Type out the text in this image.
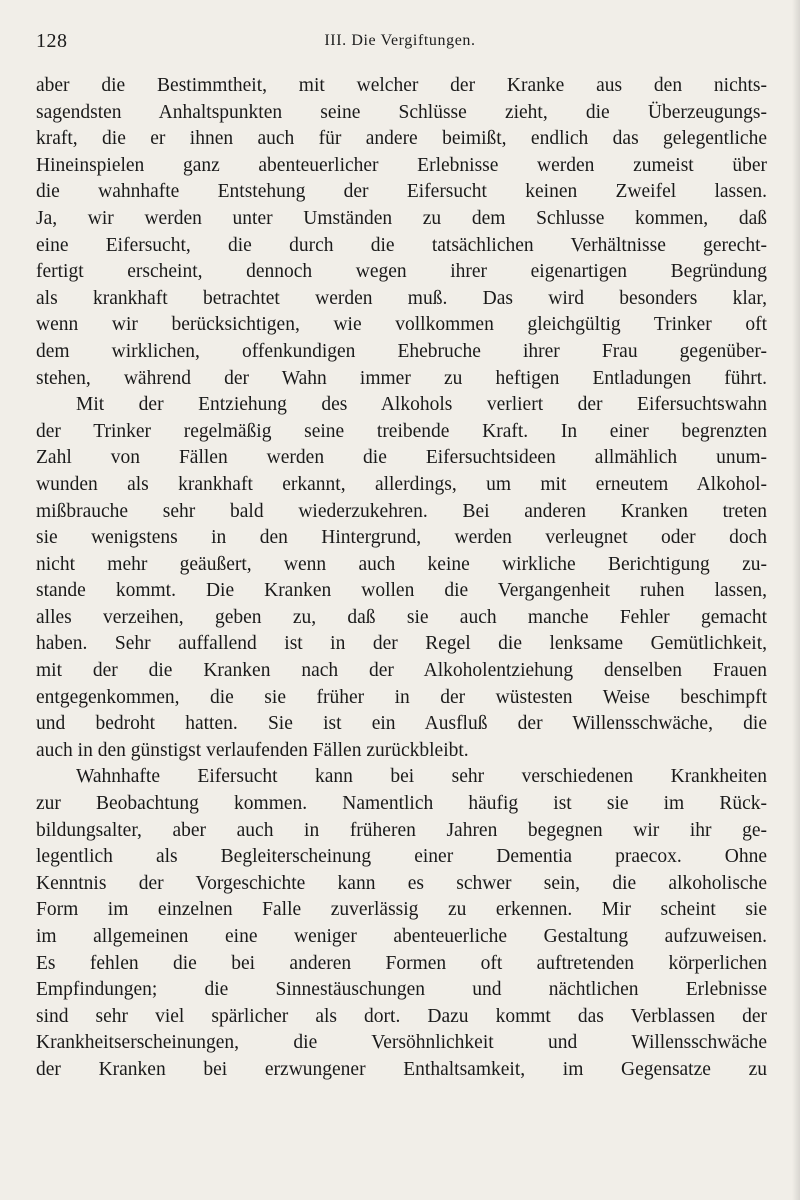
128	III. Die Vergiftungen.
aber die Bestimmtheit, mit welcher der Kranke aus den nichts-
sagendsten Anhaltspunkten seine Schlüsse zieht, die Überzeugungs-
kraft, die er ihnen auch für andere beimißt, endlich das gelegentliche
Hineinspielen ganz abenteuerlicher Erlebnisse werden zumeist über
die wahnhafte Entstehung der Eifersucht keinen Zweifel lassen.
Ja, wir werden unter Umständen zu dem Schlusse kommen, daß
eine Eifersucht, die durch die tatsächlichen Verhältnisse gerecht-
fertigt erscheint, dennoch wegen ihrer eigenartigen Begründung
als krankhaft betrachtet werden muß. Das wird besonders klar,
wenn wir berücksichtigen, wie vollkommen gleichgültig Trinker oft
dem wirklichen, offenkundigen Ehebruche ihrer Frau gegenüber-
stehen, während der Wahn immer zu heftigen Entladungen führt.
Mit der Entziehung des Alkohols verliert der Eifersuchtswahn
der Trinker regelmäßig seine treibende Kraft. In einer begrenzten
Zahl von Fällen werden die Eifersuchtsideen allmählich unum-
wunden als krankhaft erkannt, allerdings, um mit erneutem Alkohol-
mißbrauche sehr bald wiederzukehren. Bei anderen Kranken treten
sie wenigstens in den Hintergrund, werden verleugnet oder doch
nicht mehr geäußert, wenn auch keine wirkliche Berichtigung zu-
stande kommt. Die Kranken wollen die Vergangenheit ruhen lassen,
alles verzeihen, geben zu, daß sie auch manche Fehler gemacht
haben. Sehr auffallend ist in der Regel die lenksame Gemütlichkeit,
mit der die Kranken nach der Alkoholentziehung denselben Frauen
entgegenkommen, die sie früher in der wüstesten Weise beschimpft
und bedroht hatten. Sie ist ein Ausfluß der Willensschwäche, die
auch in den günstigst verlaufenden Fällen zurückbleibt.
Wahnhafte Eifersucht kann bei sehr verschiedenen Krankheiten
zur Beobachtung kommen. Namentlich häufig ist sie im Rück-
bildungsalter, aber auch in früheren Jahren begegnen wir ihr ge-
legentlich als Begleiterscheinung einer Dementia praecox. Ohne
Kenntnis der Vorgeschichte kann es schwer sein, die alkoholische
Form im einzelnen Falle zuverlässig zu erkennen. Mir scheint sie
im allgemeinen eine weniger abenteuerliche Gestaltung aufzuweisen.
Es fehlen die bei anderen Formen oft auftretenden körperlichen
Empfindungen; die Sinnestäuschungen und nächtlichen Erlebnisse
sind sehr viel spärlicher als dort. Dazu kommt das Verblassen der
Krankheitserscheinungen, die Versöhnlichkeit und Willensschwäche
der Kranken bei erzwungener Enthaltsamkeit, im Gegensatze zu
